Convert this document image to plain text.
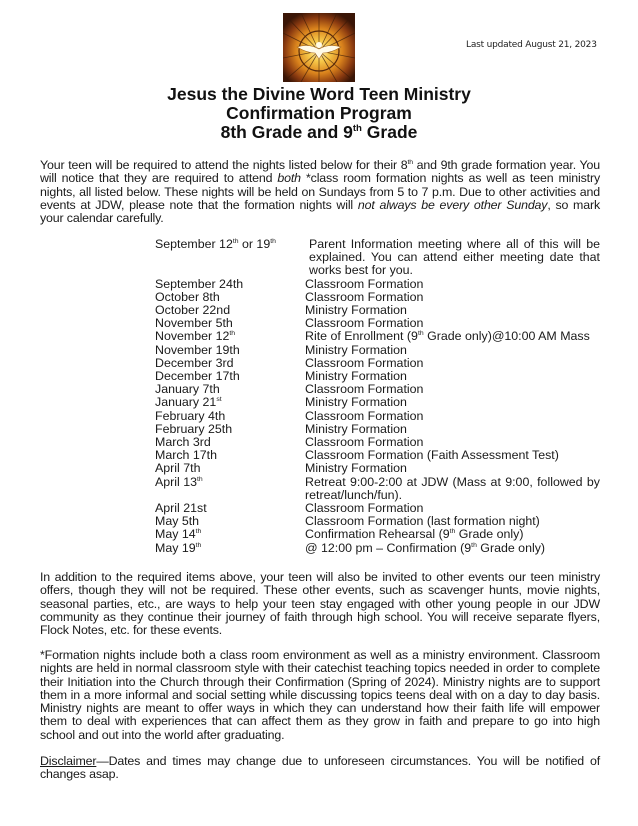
Last updated August 21, 2023
Jesus the Divine Word Teen Ministry
Confirmation Program
8th Grade and 9th Grade
Your teen will be required to attend the nights listed below for their 8th and 9th grade formation year. You will notice that they are required to attend both *class room formation nights as well as teen ministry nights, all listed below. These nights will be held on Sundays from 5 to 7 p.m. Due to other activities and events at JDW, please note that the formation nights will not always be every other Sunday, so mark your calendar carefully.
September 12th or 19th	Parent Information meeting where all of this will be explained. You can attend either meeting date that works best for you.
September 24th	Classroom Formation
October 8th	Classroom Formation
October 22nd	Ministry Formation
November 5th	Classroom Formation
November 12th	Rite of Enrollment (9th Grade only)@10:00 AM Mass
November 19th	Ministry Formation
December 3rd	Classroom Formation
December 17th	Ministry Formation
January 7th	Classroom Formation
January 21st	Ministry Formation
February 4th	Classroom Formation
February 25th	Ministry Formation
March 3rd	Classroom Formation
March 17th	Classroom Formation (Faith Assessment Test)
April 7th	Ministry Formation
April 13th	Retreat 9:00-2:00 at JDW (Mass at 9:00, followed by retreat/lunch/fun).
April 21st	Classroom Formation
May 5th	Classroom Formation (last formation night)
May 14th	Confirmation Rehearsal (9th Grade only)
May 19th	@ 12:00 pm – Confirmation (9th Grade only)
In addition to the required items above, your teen will also be invited to other events our teen ministry offers, though they will not be required. These other events, such as scavenger hunts, movie nights, seasonal parties, etc., are ways to help your teen stay engaged with other young people in our JDW community as they continue their journey of faith through high school. You will receive separate flyers, Flock Notes, etc. for these events.
*Formation nights include both a class room environment as well as a ministry environment. Classroom nights are held in normal classroom style with their catechist teaching topics needed in order to complete their Initiation into the Church through their Confirmation (Spring of 2024). Ministry nights are to support them in a more informal and social setting while discussing topics teens deal with on a day to day basis. Ministry nights are meant to offer ways in which they can understand how their faith life will empower them to deal with experiences that can affect them as they grow in faith and prepare to go into high school and out into the world after graduating.
Disclaimer—Dates and times may change due to unforeseen circumstances. You will be notified of changes asap.
